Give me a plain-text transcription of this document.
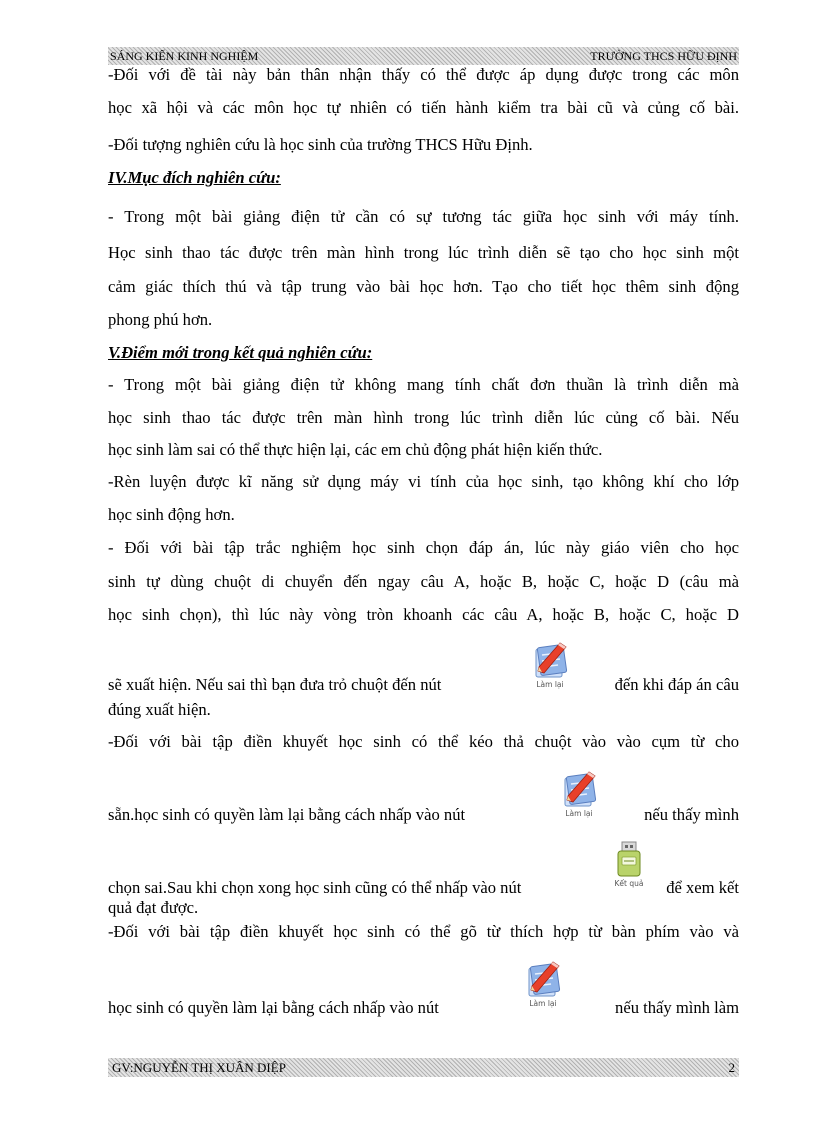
SÁNG KIẾN KINH NGHIỆM	TRƯỜNG THCS HỮU ĐỊNH

-Đối với đề tài này bản thân nhận thấy có thể được áp dụng được trong các môn

học xã hội và các môn học tự nhiên có tiến hành kiểm tra bài cũ và củng cố bài.

-Đối tượng nghiên cứu là học sinh của trường THCS Hữu Định.

IV.Mục đích nghiên cứu:

- Trong một bài giảng điện tử cần có sự tương tác giữa học sinh với máy tính.

Học sinh thao tác được trên màn hình trong lúc trình diễn sẽ tạo cho học sinh một

cảm giác thích thú và tập trung vào bài học hơn. Tạo cho tiết học thêm sinh động

phong phú hơn.

V.Điểm mới trong kết quả nghiên cứu:

- Trong một bài giảng điện tử không mang tính chất đơn thuần là trình diễn mà

học sinh thao tác được trên màn hình trong lúc trình diễn lúc củng cố bài. Nếu

học sinh làm sai có thể thực hiện lại, các em chủ động phát hiện kiến thức.

-Rèn luyện được kĩ năng sử dụng máy vi tính của học sinh, tạo không khí cho lớp

học sinh động hơn.

- Đối với bài tập trắc nghiệm học sinh chọn đáp án, lúc này giáo viên cho học

sinh tự dùng chuột di chuyển đến ngay câu A, hoặc B, hoặc C, hoặc D (câu mà

học sinh chọn), thì lúc này vòng tròn khoanh các câu A, hoặc B, hoặc C, hoặc D

Làm lại
sẽ xuất hiện. Nếu sai thì bạn đưa trỏ chuột đến nút	đến khi đáp án câu

đúng xuất hiện.

-Đối với bài tập điền khuyết học sinh có thể kéo thả chuột vào vào cụm từ cho

Làm lại
sẵn.học sinh có quyền làm lại bằng cách nhấp vào nút	nếu thấy mình
Kết quả
chọn sai.Sau khi chọn xong học sinh cũng có thể nhấp vào nút	để xem kết

quả đạt được.

-Đối với bài tập điền khuyết học sinh có thể gõ từ thích hợp từ bàn phím vào và

Làm lại
học sinh có quyền làm lại bằng cách nhấp vào nút	nếu thấy mình làm
GV:NGUYỄN THỊ XUÂN DIỆP	2
